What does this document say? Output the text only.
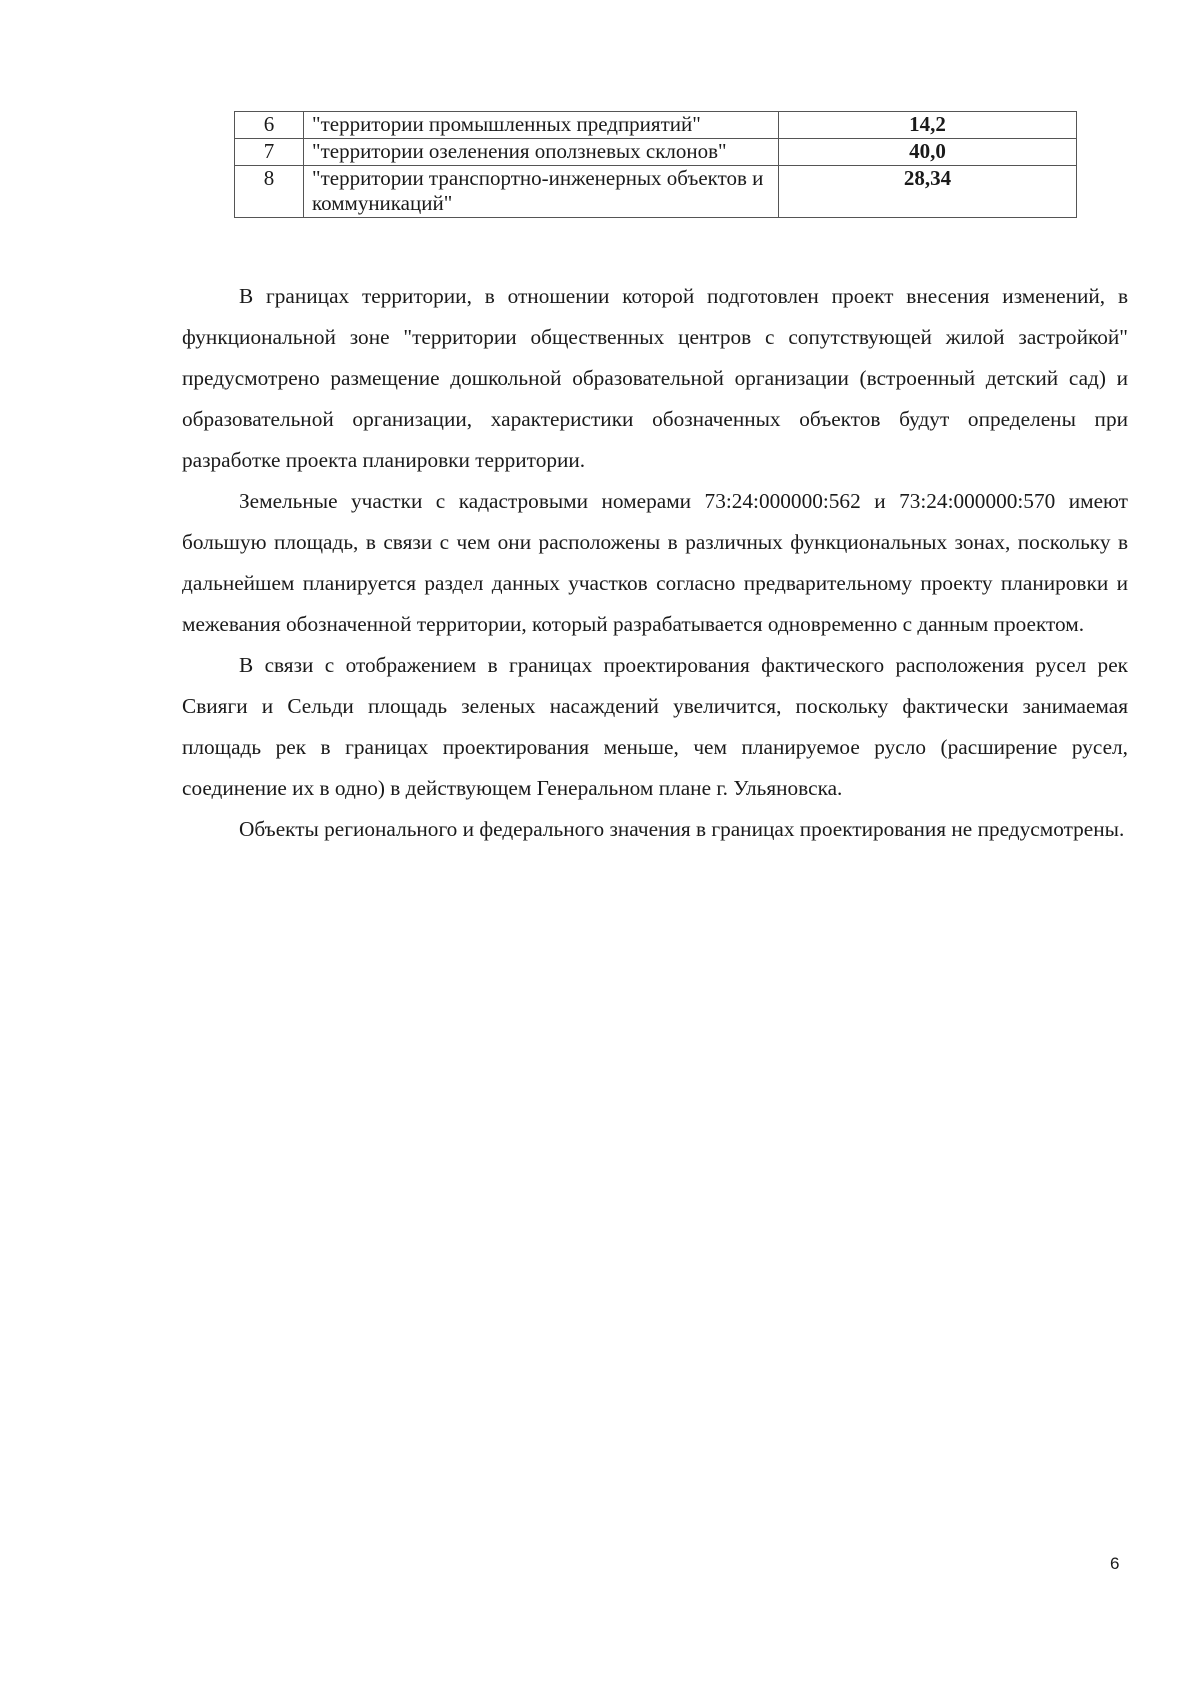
6	"территории промышленных предприятий"	14,2
7	"территории озеленения оползневых склонов"	40,0
8	"территории транспортно-инженерных объектов и коммуникаций"	28,34

В границах территории, в отношении которой подготовлен проект внесения изменений, в функциональной зоне "территории общественных центров с сопутствующей жилой застройкой" предусмотрено размещение дошкольной образовательной организации (встроенный детский сад) и образовательной организации, характеристики обозначенных объектов будут определены при разработке проекта планировки территории.

Земельные участки с кадастровыми номерами 73:24:000000:562 и 73:24:000000:570 имеют большую площадь, в связи с чем они расположены в различных функциональных зонах, поскольку в дальнейшем планируется раздел данных участков согласно предварительному проекту планировки и межевания обозначенной территории, который разрабатывается одновременно с данным проектом.

В связи с отображением в границах проектирования фактического расположения русел рек Свияги и Сельди площадь зеленых насаждений увеличится, поскольку фактически занимаемая площадь рек в границах проектирования меньше, чем планируемое русло (расширение русел, соединение их в одно) в действующем Генеральном плане г. Ульяновска.

Объекты регионального и федерального значения в границах проектирования не предусмотрены.

6
